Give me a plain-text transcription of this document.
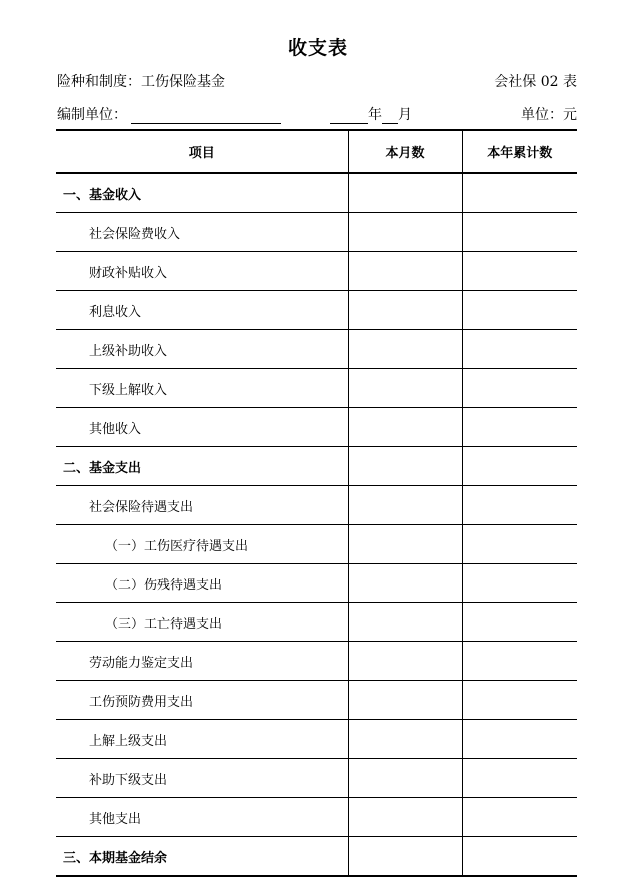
收支表
险种和制度：工伤保险基金	会社保 02 表
编制单位：	年 月	单位：元
项目	本月数	本年累计数
一、基金收入		
社会保险费收入		
财政补贴收入		
利息收入		
上级补助收入		
下级上解收入		
其他收入		
二、基金支出		
社会保险待遇支出		
（一）工伤医疗待遇支出		
（二）伤残待遇支出		
（三）工亡待遇支出		
劳动能力鉴定支出		
工伤预防费用支出		
上解上级支出		
补助下级支出		
其他支出		
三、本期基金结余		
